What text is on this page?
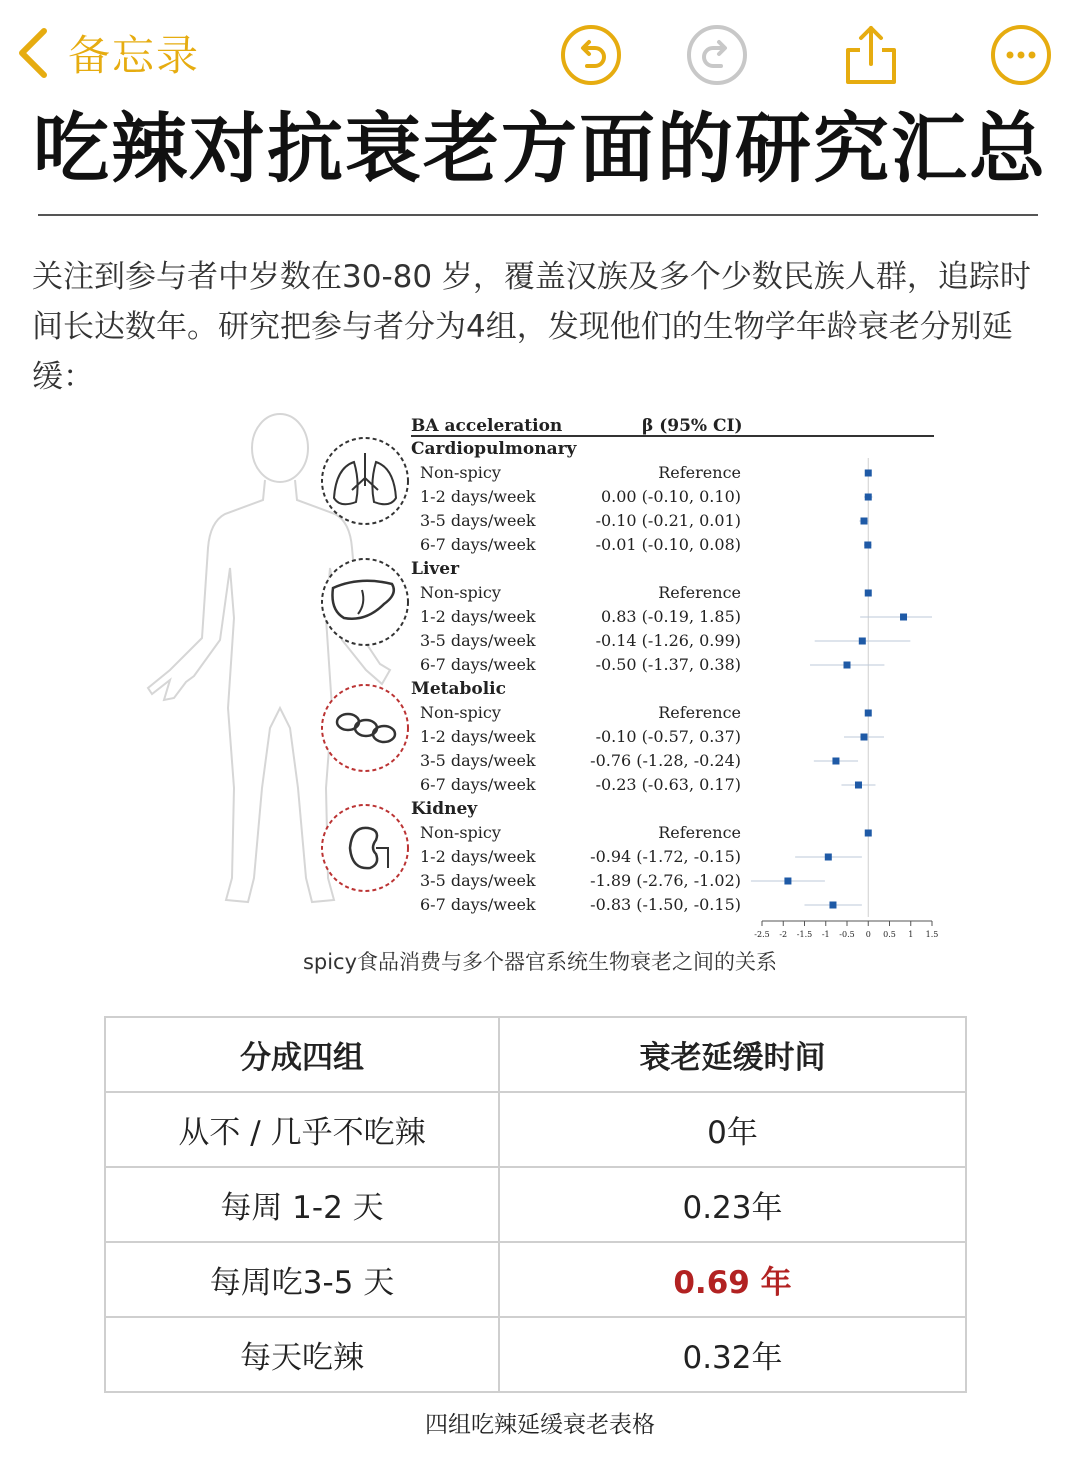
备忘录
吃辣对抗衰老方面的研究汇总
关注到参与者中岁数在30-80 岁，覆盖汉族及多个少数民族人群，追踪时间长达数年。研究把参与者分为4组，发现他们的生物学年龄衰老分别延缓：
BA acceleration	β (95% CI)
Cardiopulmonary
Non-spicy	Reference
1-2 days/week	0.00 (-0.10, 0.10)
3-5 days/week	-0.10 (-0.21, 0.01)
6-7 days/week	-0.01 (-0.10, 0.08)
Liver
Non-spicy	Reference
1-2 days/week	0.83 (-0.19, 1.85)
3-5 days/week	-0.14 (-1.26, 0.99)
6-7 days/week	-0.50 (-1.37, 0.38)
Metabolic
Non-spicy	Reference
1-2 days/week	-0.10 (-0.57, 0.37)
3-5 days/week	-0.76 (-1.28, -0.24)
6-7 days/week	-0.23 (-0.63, 0.17)
Kidney
Non-spicy	Reference
1-2 days/week	-0.94 (-1.72, -0.15)
3-5 days/week	-1.89 (-2.76, -1.02)
6-7 days/week	-0.83 (-1.50, -0.15)
-2.5 -2 -1.5 -1 -0.5 0 0.5 1 1.5
spicy食品消费与多个器官系统生物衰老之间的关系
分成四组	衰老延缓时间
从不 / 几乎不吃辣	0年
每周 1-2 天	0.23年
每周吃3-5 天	0.69 年
每天吃辣	0.32年
四组吃辣延缓衰老表格
